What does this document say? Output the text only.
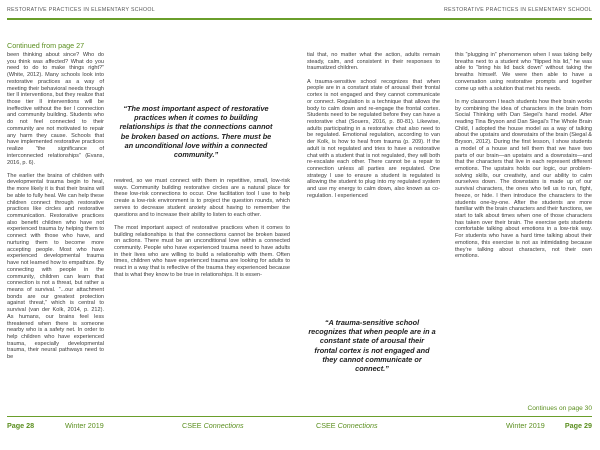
RESTORATIVE PRACTICES IN ELEMENTARY SCHOOL
Continued from page 27

been thinking about since? Who do you think was affected? What do you need to do to make things right?” (White, 2012). Many schools look into restorative practices as a way of meeting their behavioral needs through tier II interventions, but they realize that those tier II interventions will be ineffective without the tier I connection and community building. Students who do not feel connected to their community are not motivated to repair any harm they cause. Schools that have implemented restorative practices realize “the significance of interconnected relationships” (Evans, 2016, p. 6).

The earlier the brains of children with developmental trauma begin to heal, the more likely it is that their brains will be able to fully heal. We can help these children connect through restorative practices like circles and restorative communication. Restorative practices also benefit children who have not experienced trauma by helping them to connect with those who have, and nurturing them to become more accepting people. Most who have experienced developmental trauma have not learned how to empathize. By connecting with people in the community, children can learn that connection is not a threat, but rather a means of survival. “...our attachment bonds are our greatest protection against threat,” which is central to survival (van der Kolk, 2014, p. 212). As humans, our brains feel less threatened when there is someone nearby who is a safety net. In order to help children who have experienced trauma, especially developmental trauma, their neural pathways need to be

“The most important aspect of restorative practices when it comes to building relationships is that the connections cannot be broken based on actions. There must be an unconditional love within a connected community.”

rewired, so we must connect with them in repetitive, small, low-risk ways. Community building restorative circles are a natural place for these low-risk connections to occur. One facilitation tool I use to help create a low-risk environment is to project the question rounds, which serves to decrease student anxiety about having to remember the questions and to increase their ability to listen to each other.

The most important aspect of restorative practices when it comes to building relationships is that the connections cannot be broken based on actions. There must be an unconditional love within a connected community. People who have experienced trauma need to have adults in their lives who are willing to build a relationship with them. Often times, children who have experienced trauma are looking for adults to react in a way that is reflective of the trauma they experienced because that is what they know to be true in relationships. It is essen-

Page 28	Winter 2019	CSEE Connections
RESTORATIVE PRACTICES IN ELEMENTARY SCHOOL

tial that, no matter what the action, adults remain steady, calm, and consistent in their responses to traumatized children.

A trauma-sensitive school recognizes that when people are in a constant state of arousal their frontal cortex is not engaged and they cannot communicate or connect. Regulation is a technique that allows the body to calm down and re-engage the frontal cortex. Students need to be regulated before they can have a restorative chat (Souers, 2016, p. 80-81). Likewise, adults participating in a restorative chat also need to be regulated. Emotional regulation, according to van der Kolk, is how to heal from trauma (p. 209). If the adult is not regulated and tries to have a restorative chat with a student that is not regulated, they will both re-escalate each other. There cannot be a repair to connection unless all parties are regulated. One strategy I use to ensure a student is regulated is allowing the student to plug into my regulated system and use my energy to calm down, also known as co-regulation. I experienced

“A trauma-sensitive school recognizes that when people are in a constant state of arousal their frontal cortex is not engaged and they cannot communicate or connect.”

this “plugging in” phenomenon when I was taking belly breaths next to a student who “flipped his lid,” he was able to “bring his lid back down” without taking the breaths himself. We were then able to have a conversation using restorative prompts and together come up with a solution that met his needs.

In my classroom I teach students how their brain works by combining the idea of characters in the brain from Social Thinking with Dan Siegel’s hand model. After reading Tina Bryson and Dan Siegal’s The Whole Brain Child, I adopted the house model as a way of talking about the upstairs and downstairs of the brain (Siegal & Bryson, 2012). During the first lesson, I show students a model of a house and tell them that we have two parts of our brain—an upstairs and a downstairs—and that the characters that live in each represent different emotions. The upstairs holds our logic, our problem-solving skills, our creativity, and our ability to calm ourselves down. The downstairs is made up of our survival characters, the ones who tell us to run, fight, freeze, or hide. I then introduce the characters to the students one-by-one. After the students are more familiar with the brain characters and their functions, we start to talk about times when one of those characters has taken over their brain. The exercise gets students comfortable talking about emotions in a low-risk way. For students who have a hard time talking about their emotions, this exercise is not as intimidating because they’re talking about characters, not their own emotions.

Continues on page 30
CSEE Connections	Winter 2019	Page 29
